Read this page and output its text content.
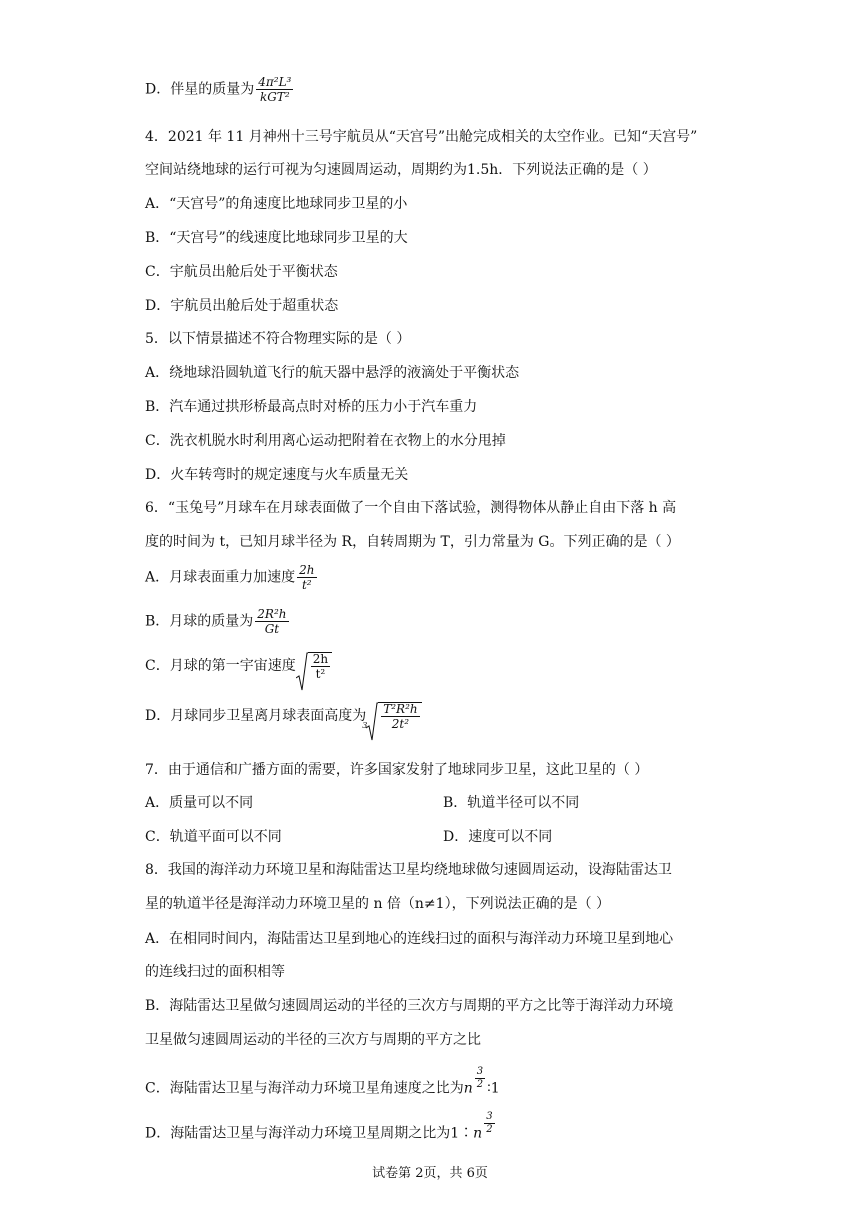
D．伴星的质量为 $\frac{\text{4π²L³}}{\text{kGT²}}$
4．2021 年 11 月神州十三号宇航员从“天宫号”出舱完成相关的太空作业。已知“天宫号”
空间站绕地球的运行可视为匀速圆周运动，周期约为1.5h．下列说法正确的是（ ）
A．“天宫号”的角速度比地球同步卫星的小
B．“天宫号”的线速度比地球同步卫星的大
C．宇航员出舱后处于平衡状态
D．宇航员出舱后处于超重状态
5．以下情景描述不符合物理实际的是（ ）
A．绕地球沿圆轨道飞行的航天器中悬浮的液滴处于平衡状态
B．汽车通过拱形桥最高点时对桥的压力小于汽车重力
C．洗衣机脱水时利用离心运动把附着在衣物上的水分甩掉
D．火车转弯时的规定速度与火车质量无关
6．“玉兔号”月球车在月球表面做了一个自由下落试验，测得物体从静止自由下落 h 高
度的时间为 t，已知月球半径为 R，自转周期为 T，引力常量为 G。下列正确的是（ ）
A．月球表面重力加速度 $\frac{2h}{\text{t²}}$
B．月球的质量为 $\frac{\text{2R²h}}{Gt}$
C．月球的第一宇宙速度 $\frac{2h}{\text{t²}}$
D．月球同步卫星离月球表面高度为
$3 \frac{\text{T²R²h}}{\text{2t²}}$
7．由于通信和广播方面的需要，许多国家发射了地球同步卫星，这此卫星的（ ）
A．质量可以不同	B．轨道半径可以不同
C．轨道平面可以不同	D．速度可以不同
8．我国的海洋动力环境卫星和海陆雷达卫星均绕地球做匀速圆周运动，设海陆雷达卫
星的轨道半径是海洋动力环境卫星的 n 倍（n≠1），下列说法正确的是（ ）
A．在相同时间内，海陆雷达卫星到地心的连线扫过的面积与海洋动力环境卫星到地心
的连线扫过的面积相等
B．海陆雷达卫星做匀速圆周运动的半径的三次方与周期的平方之比等于海洋动力环境
卫星做匀速圆周运动的半径的三次方与周期的平方之比
C．海陆雷达卫星与海洋动力环境卫星角速度之比为n $\frac{3}{2}$ ∶1
D．海陆雷达卫星与海洋动力环境卫星周期之比为1∶n $\frac{3}{2}$
试卷第 2页，共 6页
